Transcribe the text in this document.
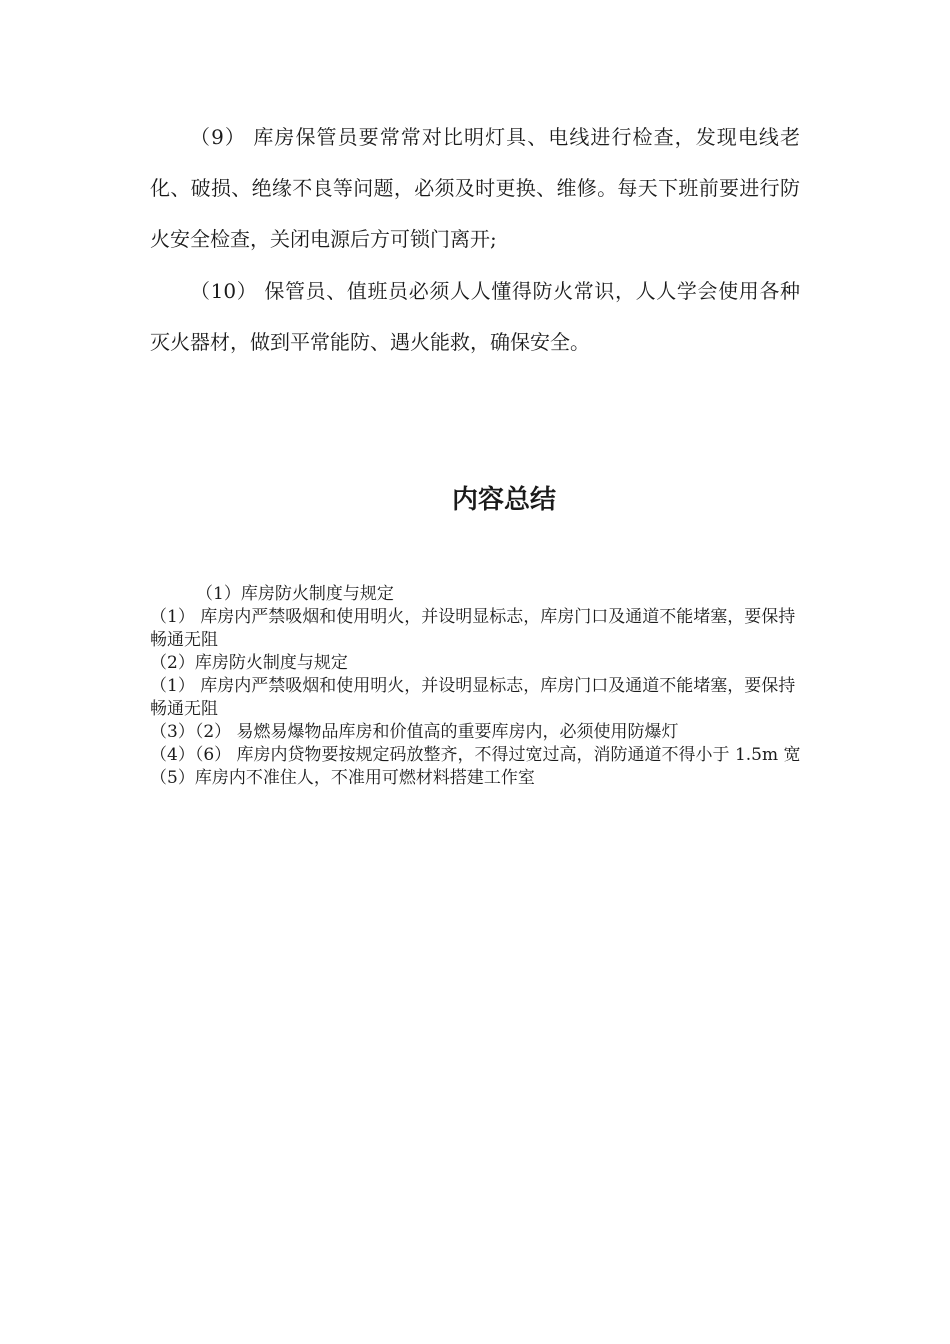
（9） 库房保管员要常常对比明灯具、电线进行检查，发现电线老化、破损、绝缘不良等问题，必须及时更换、维修。每天下班前要进行防火安全检查，关闭电源后方可锁门离开;

（10） 保管员、值班员必须人人懂得防火常识，人人学会使用各种灭火器材，做到平常能防、遇火能救，确保安全。

内容总结

（1）库房防火制度与规定

（1） 库房内严禁吸烟和使用明火，并设明显标志，库房门口及通道不能堵塞，要保持畅通无阻

（2）库房防火制度与规定

（1） 库房内严禁吸烟和使用明火，并设明显标志，库房门口及通道不能堵塞，要保持畅通无阻

（3）（2） 易燃易爆物品库房和价值高的重要库房内，必须使用防爆灯

（4）（6） 库房内贷物要按规定码放整齐，不得过宽过高，消防通道不得小于 1.5m 宽

（5）库房内不准住人，不准用可燃材料搭建工作室
